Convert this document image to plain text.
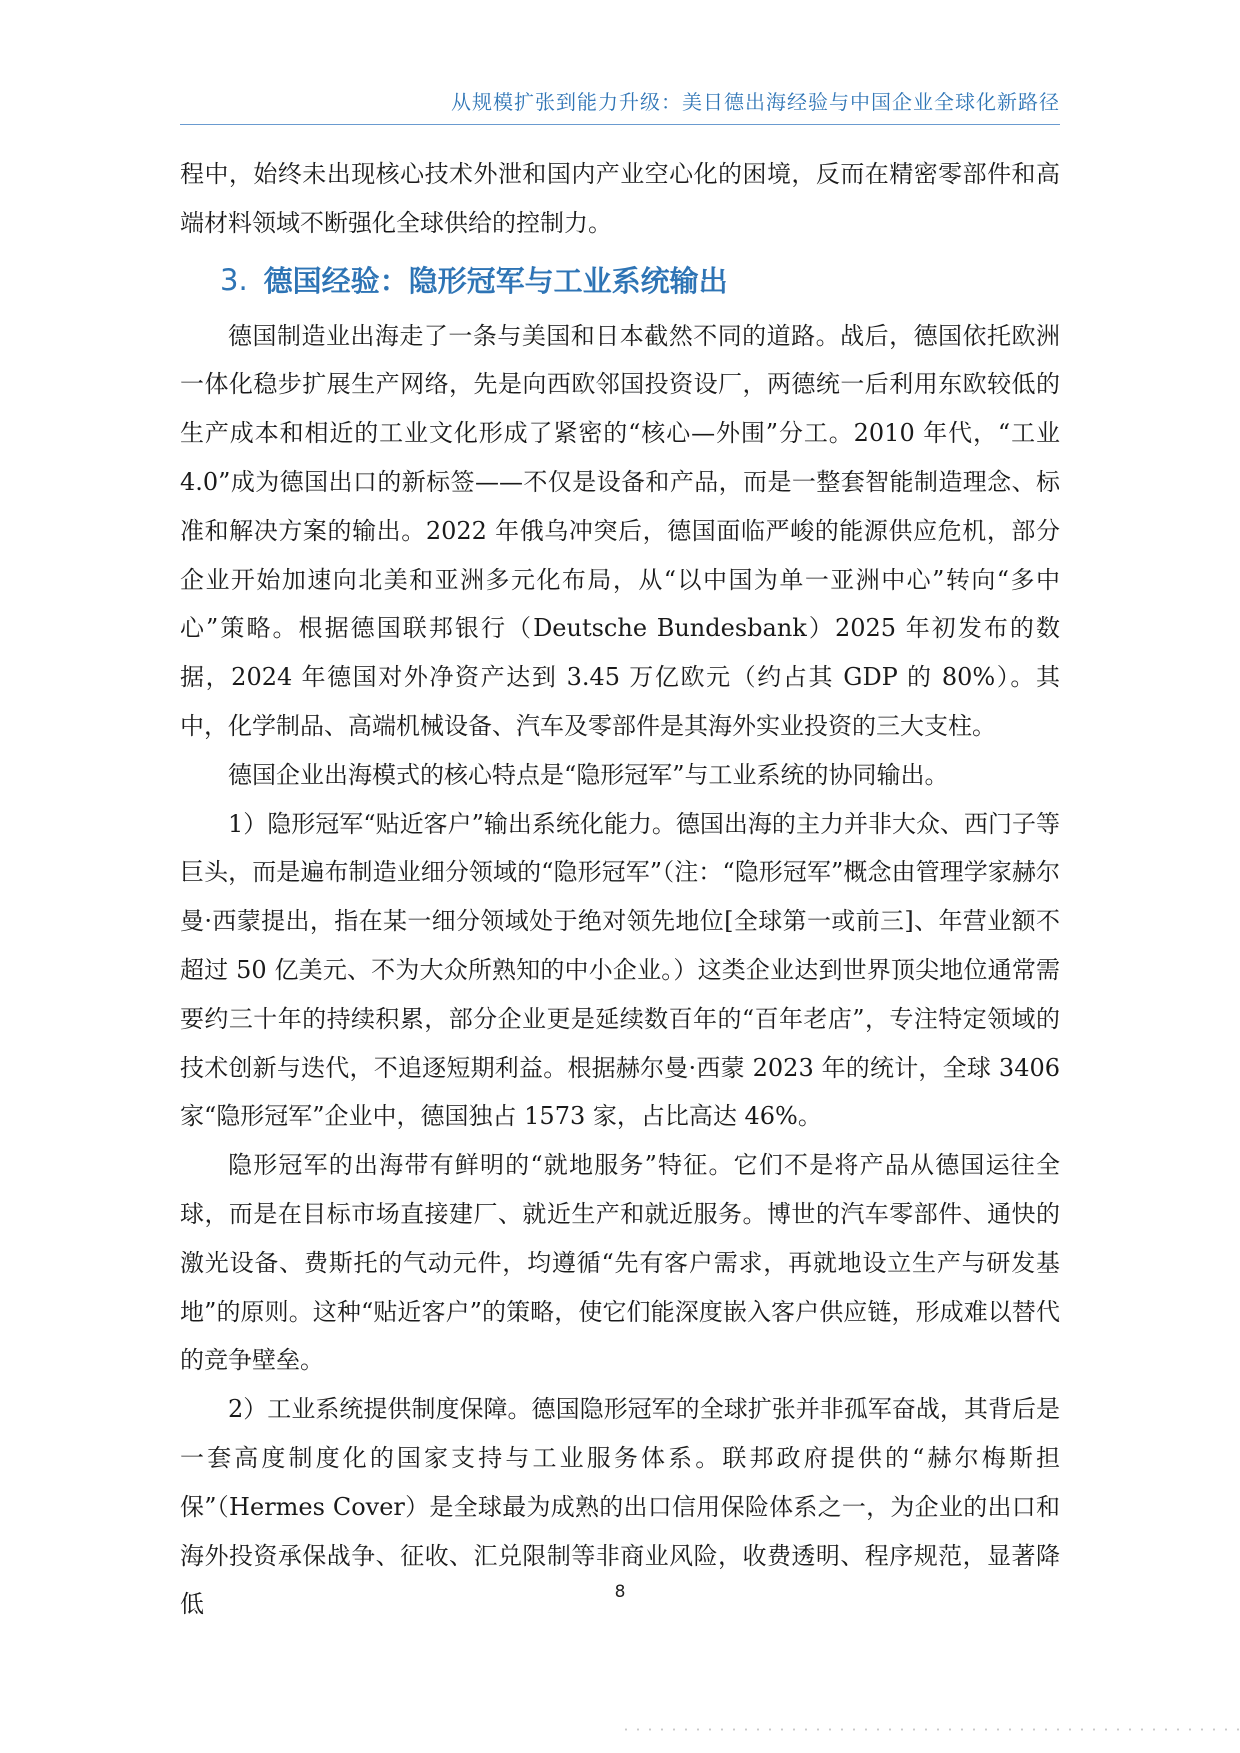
从规模扩张到能力升级：美日德出海经验与中国企业全球化新路径

程中，始终未出现核心技术外泄和国内产业空心化的困境，反而在精密零部件和高端材料领域不断强化全球供给的控制力。

3. 德国经验：隐形冠军与工业系统输出

德国制造业出海走了一条与美国和日本截然不同的道路。战后，德国依托欧洲一体化稳步扩展生产网络，先是向西欧邻国投资设厂，两德统一后利用东欧较低的生产成本和相近的工业文化形成了紧密的“核心—外围”分工。2010 年代，“工业 4.0”成为德国出口的新标签——不仅是设备和产品，而是一整套智能制造理念、标准和解决方案的输出。2022 年俄乌冲突后，德国面临严峻的能源供应危机，部分企业开始加速向北美和亚洲多元化布局，从“以中国为单一亚洲中心”转向“多中心”策略。根据德国联邦银行（Deutsche Bundesbank）2025 年初发布的数据，2024 年德国对外净资产达到 3.45 万亿欧元（约占其 GDP 的 80%）。其中，化学制品、高端机械设备、汽车及零部件是其海外实业投资的三大支柱。

德国企业出海模式的核心特点是“隐形冠军”与工业系统的协同输出。

1）隐形冠军“贴近客户”输出系统化能力。德国出海的主力并非大众、西门子等巨头，而是遍布制造业细分领域的“隐形冠军”（注：“隐形冠军”概念由管理学家赫尔曼·西蒙提出，指在某一细分领域处于绝对领先地位[全球第一或前三]、年营业额不超过 50 亿美元、不为大众所熟知的中小企业。）这类企业达到世界顶尖地位通常需要约三十年的持续积累，部分企业更是延续数百年的“百年老店”，专注特定领域的技术创新与迭代，不追逐短期利益。根据赫尔曼·西蒙 2023 年的统计，全球 3406 家“隐形冠军”企业中，德国独占 1573 家，占比高达 46%。

隐形冠军的出海带有鲜明的“就地服务”特征。它们不是将产品从德国运往全球，而是在目标市场直接建厂、就近生产和就近服务。博世的汽车零部件、通快的激光设备、费斯托的气动元件，均遵循“先有客户需求，再就地设立生产与研发基地”的原则。这种“贴近客户”的策略，使它们能深度嵌入客户供应链，形成难以替代的竞争壁垒。

2）工业系统提供制度保障。德国隐形冠军的全球扩张并非孤军奋战，其背后是一套高度制度化的国家支持与工业服务体系。联邦政府提供的“赫尔梅斯担保”（Hermes Cover）是全球最为成熟的出口信用保险体系之一，为企业的出口和海外投资承保战争、征收、汇兑限制等非商业风险，收费透明、程序规范，显著降低	8
